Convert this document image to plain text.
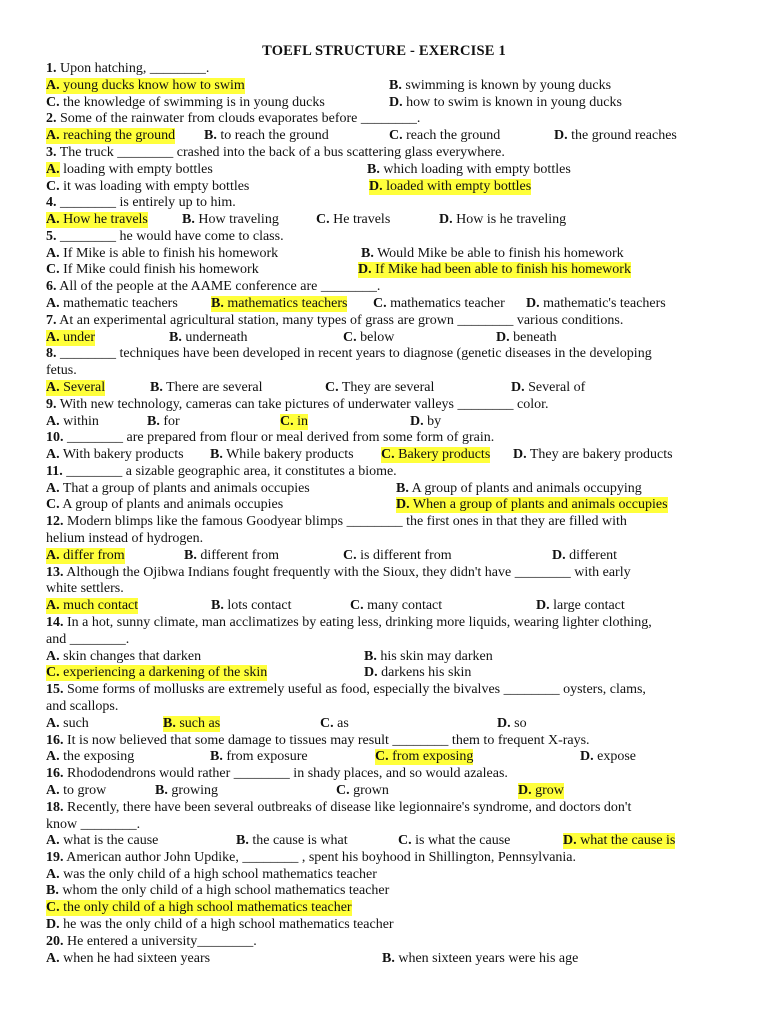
TOEFL STRUCTURE - EXERCISE 1
1. Upon hatching, ________.
A. young ducks know how to swim	B. swimming is known by young ducks
C. the knowledge of swimming is in young ducks	D. how to swim is known in young ducks
2. Some of the rainwater from clouds evaporates before ________.
A. reaching the ground B. to reach the ground	C. reach the ground	D. the ground reaches
3. The truck ________ crashed into the back of a bus scattering glass everywhere.
A. loading with empty bottles	B. which loading with empty bottles
C. it was loading with empty bottles	D. loaded with empty bottles
4. ________ is entirely up to him.
A. How he travels B. How traveling	C. He travels	D. How is he traveling
5. ________ he would have come to class.
A. If Mike is able to finish his homework	B. Would Mike be able to finish his homework
C. If Mike could finish his homework	D. If Mike had been able to finish his homework
6. All of the people at the AAME conference are ________.
A. mathematic teachers B. mathematics teachers C. mathematics teacher D. mathematic's teachers
7. At an experimental agricultural station, many types of grass are grown ________ various conditions.
A. under	B. underneath	C. below	D. beneath
8. ________ techniques have been developed in recent years to diagnose (genetic diseases in the developing
fetus.
A. Several	B. There are several	C. They are several	D. Several of
9. With new technology, cameras can take pictures of underwater valleys ________ color.
A. within	B. for	C. in	D. by
10. ________ are prepared from flour or meal derived from some form of grain.
A. With bakery products B. While bakery products C. Bakery products D. They are bakery products
11. ________ a sizable geographic area, it constitutes a biome.
A. That a group of plants and animals occupies	B. A group of plants and animals occupying
C. A group of plants and animals occupies	D. When a group of plants and animals occupies
12. Modern blimps like the famous Goodyear blimps ________ the first ones in that they are filled with
helium instead of hydrogen.
A. differ from	B. different from	C. is different from	D. different
13. Although the Ojibwa Indians fought frequently with the Sioux, they didn't have ________ with early
white settlers.
A. much contact	B. lots contact	C. many contact	D. large contact
14. In a hot, sunny climate, man acclimatizes by eating less, drinking more liquids, wearing lighter clothing,
and ________.
A. skin changes that darken	B. his skin may darken
C. experiencing a darkening of the skin	D. darkens his skin
15. Some forms of mollusks are extremely useful as food, especially the bivalves ________ oysters, clams,
and scallops.
A. such	B. such as	C. as	D. so
16. It is now believed that some damage to tissues may result ________ them to frequent X-rays.
A. the exposing	B. from exposure	C. from exposing	D. expose
16. Rhododendrons would rather ________ in shady places, and so would azaleas.
A. to grow	B. growing	C. grown	D. grow
18. Recently, there have been several outbreaks of disease like legionnaire's syndrome, and doctors don't
know ________.
A. what is the cause	B. the cause is what	C. is what the cause	D. what the cause is
19. American author John Updike, ________ , spent his boyhood in Shillington, Pennsylvania.
A. was the only child of a high school mathematics teacher
B. whom the only child of a high school mathematics teacher
C. the only child of a high school mathematics teacher
D. he was the only child of a high school mathematics teacher
20. He entered a university________.
A. when he had sixteen years	B. when sixteen years were his age
